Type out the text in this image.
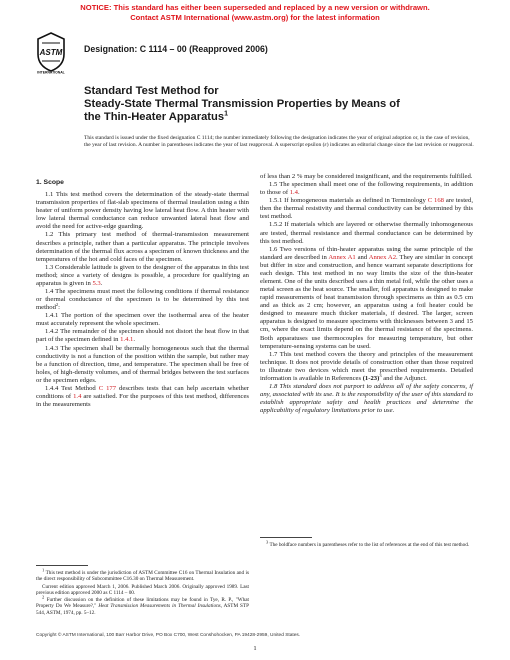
NOTICE: This standard has either been superseded and replaced by a new version or withdrawn.
Contact ASTM International (www.astm.org) for the latest information
ASTM
INTERNATIONAL
Designation: C 1114 – 00 (Reapproved 2006)
Standard Test Method for
Steady-State Thermal Transmission Properties by Means of
the Thin-Heater Apparatus$^1$
This standard is issued under the fixed designation C 1114; the number immediately following the designation indicates the year of original adoption or, in the case of revision, the year of last revision. A number in parentheses indicates the year of last reapproval. A superscript epsilon (ε) indicates an editorial change since the last revision or reapproval.
1. Scope

1.1 This test method covers the determination of the steady-state thermal transmission properties of flat-slab specimens of thermal insulation using a thin heater of uniform power density having low lateral heat flow. A thin heater with low lateral thermal conductance can reduce unwanted lateral heat flow and avoid the need for active-edge guarding.

1.2 This primary test method of thermal-transmission measurement describes a principle, rather than a particular apparatus. The principle involves determination of the thermal flux across a specimen of known thickness and the temperatures of the hot and cold faces of the specimen.

1.3 Considerable latitude is given to the designer of the apparatus in this test method; since a variety of designs is possible, a procedure for qualifying an apparatus is given in 5.3.

1.4 The specimens must meet the following conditions if thermal resistance or thermal conductance of the specimen is to be determined by this test method$^2$:

1.4.1 The portion of the specimen over the isothermal area of the heater must accurately represent the whole specimen.

1.4.2 The remainder of the specimen should not distort the heat flow in that part of the specimen defined in 1.4.1.

1.4.3 The specimen shall be thermally homogeneous such that the thermal conductivity is not a function of the position within the sample, but rather may be a function of direction, time, and temperature. The specimen shall be free of holes, of high-density volumes, and of thermal bridges between the test surfaces or the specimen edges.

1.4.4 Test Method C 177 describes tests that can help ascertain whether conditions of 1.4 are satisfied. For the purposes of this test method, differences in the measurements

$^1$ This test method is under the jurisdiction of ASTM Committee C16 on Thermal Insulation and is the direct responsibility of Subcommittee C16.30 on Thermal Measurement.

Current edition approved March 1, 2006. Published March 2006. Originally approved 1989. Last previous edition approved 2000 as C 1114 – 00.

$^2$ Further discussion on the definition of these limitations may be found in Tye, R. P., "What Property Do We Measure?," Heat Transmission Measurements in Thermal Insulations, ASTM STP 544, ASTM, 1974, pp. 5–12.

of less than 2 % may be considered insignificant, and the requirements fulfilled.

1.5 The specimen shall meet one of the following requirements, in addition to those of 1.4.

1.5.1 If homogeneous materials as defined in Terminology C 168 are tested, then the thermal resistivity and thermal conductivity can be determined by this test method.

1.5.2 If materials which are layered or otherwise thermally inhomogeneous are tested, thermal resistance and thermal conductance can be determined by this test method.

1.6 Two versions of thin-heater apparatus using the same principle of the standard are described in Annex A1 and Annex A2. They are similar in concept but differ in size and construction, and hence warrant separate descriptions for each design. This test method in no way limits the size of the thin-heater element. One of the units described uses a thin metal foil, while the other uses a metal screen as the heat source. The smaller, foil apparatus is designed to make rapid measurements of heat transmission through specimens as thin as 0.5 cm and as thick as 2 cm; however, an apparatus using a foil heater could be designed to measure much thicker materials, if desired. The larger, screen apparatus is designed to measure specimens with thicknesses between 3 and 15 cm, where the exact limits depend on the thermal resistance of the specimens. Both apparatuses use thermocouples for measuring temperature, but other temperature-sensing systems can be used.

1.7 This test method covers the theory and principles of the measurement technique. It does not provide details of construction other than those required to illustrate two devices which meet the prescribed requirements. Detailed information is available in References $(1-23)^3$ and the Adjunct.

1.8 This standard does not purport to address all of the safety concerns, if any, associated with its use. It is the responsibility of the user of this standard to establish appropriate safety and health practices and determine the applicability of regulatory limitations prior to use.

$^3$ The boldface numbers in parentheses refer to the list of references at the end of this test method.

Copyright © ASTM International, 100 Barr Harbor Drive, PO Box C700, West Conshohocken, PA 19428-2959, United States.
1
